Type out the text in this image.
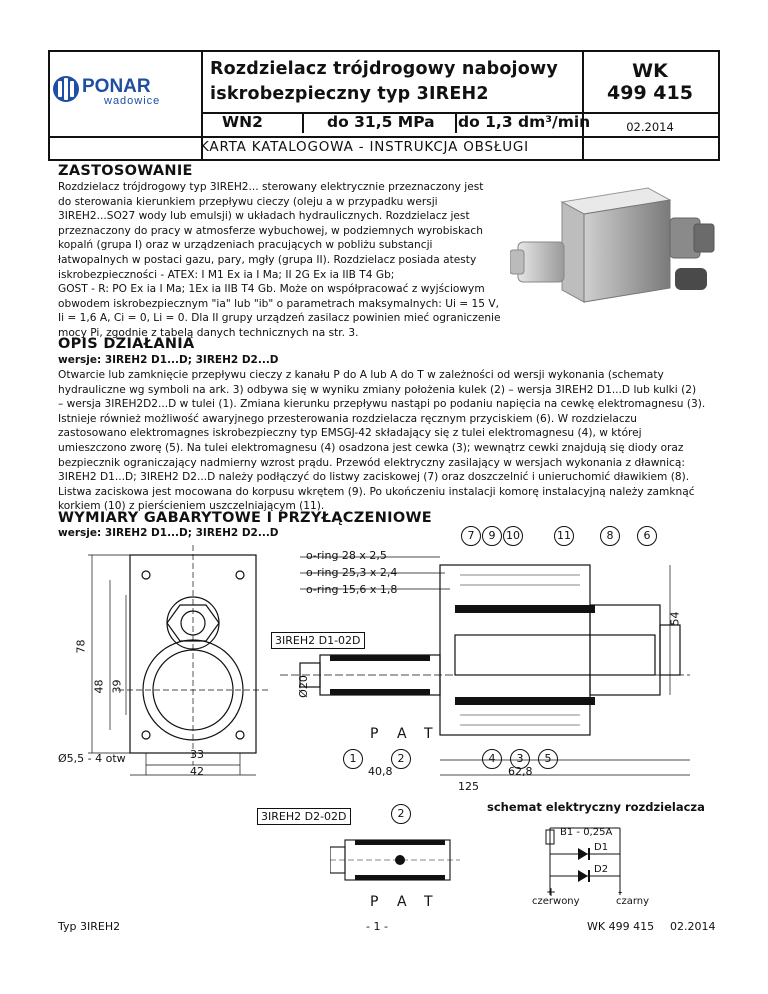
PONAR
wadowice
Rozdzielacz trójdrogowy nabojowy
iskrobezpieczny typ 3IREH2
WK
499 415
WN2	do 31,5 MPa do 1,3 dm³/min	02.2014
KARTA KATALOGOWA - INSTRUKCJA OBSŁUGI
ZASTOSOWANIE
Rozdzielacz trójdrogowy typ 3IREH2... sterowany elektrycznie przeznaczony jest
do sterowania kierunkiem przepływu cieczy (oleju a w przypadku wersji
3IREH2...SO27 wody lub emulsji) w układach hydraulicznych. Rozdzielacz jest
przeznaczony do pracy w atmosferze wybuchowej, w podziemnych wyrobiskach
kopalń (grupa I) oraz w urządzeniach pracujących w pobliżu substancji
łatwopalnych w postaci gazu, pary, mgły (grupa II). Rozdzielacz posiada atesty
iskrobezpieczności - ATEX: I M1 Ex ia I Ma; II 2G Ex ia IIB T4 Gb;
GOST - R: PO Ex ia I Ma; 1Ex ia IIB T4 Gb. Może on współpracować z wyjściowym
obwodem iskrobezpiecznym "ia" lub "ib" o parametrach maksymalnych: Ui = 15 V,
Ii = 1,6 A, Ci = 0, Li = 0. Dla II grupy urządzeń zasilacz powinien mieć ograniczenie
mocy Pi, zgodnie z tabelą danych technicznych na str. 3.
OPIS DZIAŁANIA
wersje: 3IREH2 D1...D; 3IREH2 D2...D
Otwarcie lub zamknięcie przepływu cieczy z kanału P do A lub A do T w zależności od wersji wykonania (schematy
hydrauliczne wg symboli na ark. 3) odbywa się w wyniku zmiany położenia kulek (2) – wersja 3IREH2 D1...D lub kulki (2)
– wersja 3IREH2D2...D w tulei (1). Zmiana kierunku przepływu nastąpi po podaniu napięcia na cewkę elektromagnesu (3).
Istnieje również możliwość awaryjnego przesterowania rozdzielacza ręcznym przyciskiem (6). W rozdzielaczu
zastosowano elektromagnes iskrobezpieczny typ EMSGJ-42 składający się z tulei elektromagnesu (4), w której
umieszczono zworę (5). Na tulei elektromagnesu (4) osadzona jest cewka (3); wewnątrz cewki znajdują się diody oraz
bezpiecznik ograniczający nadmierny wzrost prądu. Przewód elektryczny zasilający w wersjach wykonania z dławnicą:
3IREH2 D1...D; 3IREH2 D2...D należy podłączyć do listwy zaciskowej (7) oraz doszczelnić i unieruchomić dławikiem (8).
Listwa zaciskowa jest mocowana do korpusu wkrętem (9). Po ukończeniu instalacji komorę instalacyjną należy zamknąć
korkiem (10) z pierścieniem uszczelniającym (11).
WYMIARY GABARYTOWE I PRZYŁĄCZENIOWE
wersje: 3IREH2 D1...D; 3IREH2 D2...D
78
48 39
Ø5,5 - 4 otw	33
42
o-ring 28 x 2,5
o-ring 25,3 x 2,4
o-ring 15,6 x 1,8
3IREH2 D1-02D
Ø20
54
40,8	62,8
125
P A T
7	9 10	11	8	6
1	2	4	3	5
3IREH2 D2-02D	2
P A T
schemat elektryczny rozdzielacza
B1 - 0,25A
D1
D2
+	-
czerwony	czarny
Typ 3IREH2	- 1 -	WK 499 415 02.2014
